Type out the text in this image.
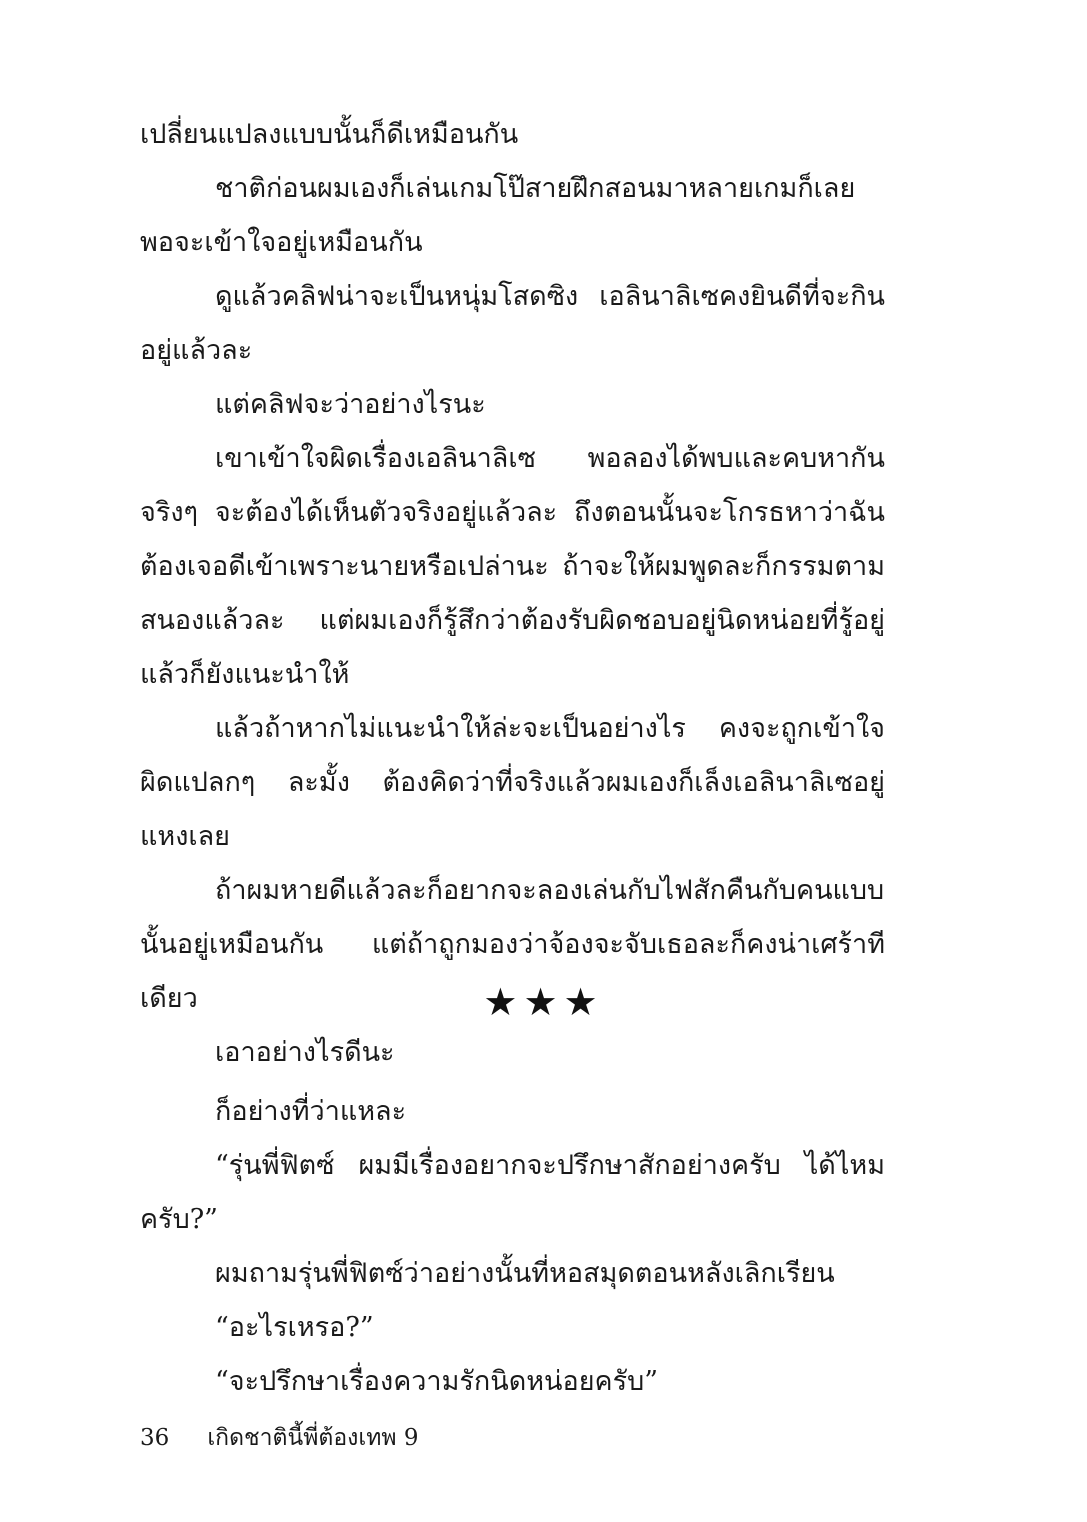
เปลี่ยนแปลงแบบนั้นก็ดีเหมือนกัน

ชาติก่อนผมเองก็เล่นเกมโป๊สายฝึกสอนมาหลายเกมก็เลยพอจะเข้าใจอยู่เหมือนกัน

ดูแล้วคลิฟน่าจะเป็นหนุ่มโสดซิง เอลินาลิเซคงยินดีที่จะกินอยู่แล้วละ

แต่คลิฟจะว่าอย่างไรนะ

เขาเข้าใจผิดเรื่องเอลินาลิเซ พอลองได้พบและคบหากันจริงๆ จะต้องได้เห็นตัวจริงอยู่แล้วละ ถึงตอนนั้นจะโกรธหาว่าฉันต้องเจอดีเข้าเพราะนายหรือเปล่านะ ถ้าจะให้ผมพูดละก็กรรมตามสนองแล้วละ แต่ผมเองก็รู้สึกว่าต้องรับผิดชอบอยู่นิดหน่อยที่รู้อยู่แล้วก็ยังแนะนำให้

แล้วถ้าหากไม่แนะนำให้ล่ะจะเป็นอย่างไร คงจะถูกเข้าใจผิดแปลกๆ ละมั้ง ต้องคิดว่าที่จริงแล้วผมเองก็เล็งเอลินาลิเซอยู่แหงเลย

ถ้าผมหายดีแล้วละก็อยากจะลองเล่นกับไฟสักคืนกับคนแบบนั้นอยู่เหมือนกัน แต่ถ้าถูกมองว่าจ้องจะจับเธอละก็คงน่าเศร้าทีเดียว

เอาอย่างไรดีนะ

★★★

ก็อย่างที่ว่าแหละ

“รุ่นพี่ฟิตซ์ ผมมีเรื่องอยากจะปรึกษาสักอย่างครับ ได้ไหมครับ?”

ผมถามรุ่นพี่ฟิตซ์ว่าอย่างนั้นที่หอสมุดตอนหลังเลิกเรียน

“อะไรเหรอ?”

“จะปรึกษาเรื่องความรักนิดหน่อยครับ”

36 เกิดชาตินี้พี่ต้องเทพ 9
